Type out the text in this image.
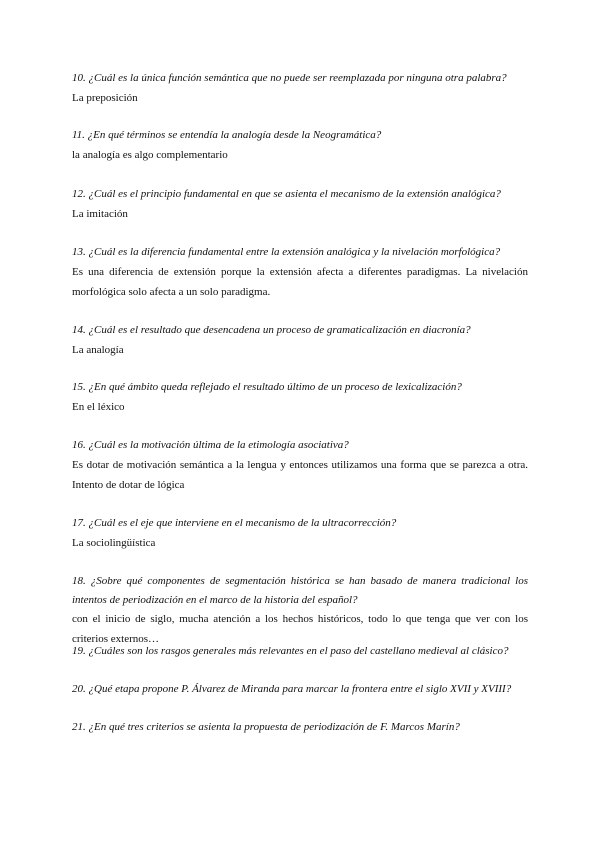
10. ¿Cuál es la única función semántica que no puede ser reemplazada por ninguna otra palabra?
La preposición
11. ¿En qué términos se entendía la analogía desde la Neogramática?
la analogía es algo complementario
12. ¿Cuál es el principio fundamental en que se asienta el mecanismo de la extensión analógica?
La imitación
13. ¿Cuál es la diferencia fundamental entre la extensión analógica y la nivelación morfológica?
Es una diferencia de extensión porque la extensión afecta a diferentes paradigmas. La nivelación morfológica solo afecta a un solo paradigma.
14. ¿Cuál es el resultado que desencadena un proceso de gramaticalización en diacronía?
La analogía
15. ¿En qué ámbito queda reflejado el resultado último de un proceso de lexicalización?
En el léxico
16. ¿Cuál es la motivación última de la etimología asociativa?
Es dotar de motivación semántica a la lengua y entonces utilizamos una forma que se parezca a otra. Intento de dotar de lógica
17. ¿Cuál es el eje que interviene en el mecanismo de la ultracorrección?
La sociolingüística
18. ¿Sobre qué componentes de segmentación histórica se han basado de manera tradicional los intentos de periodización en el marco de la historia del español?
con el inicio de siglo, mucha atención a los hechos históricos, todo lo que tenga que ver con los criterios externos…
19. ¿Cuáles son los rasgos generales más relevantes en el paso del castellano medieval al clásico?
20. ¿Qué etapa propone P. Álvarez de Miranda para marcar la frontera entre el siglo XVII y XVIII?
21. ¿En qué tres criterios se asienta la propuesta de periodización de F. Marcos Marín?
